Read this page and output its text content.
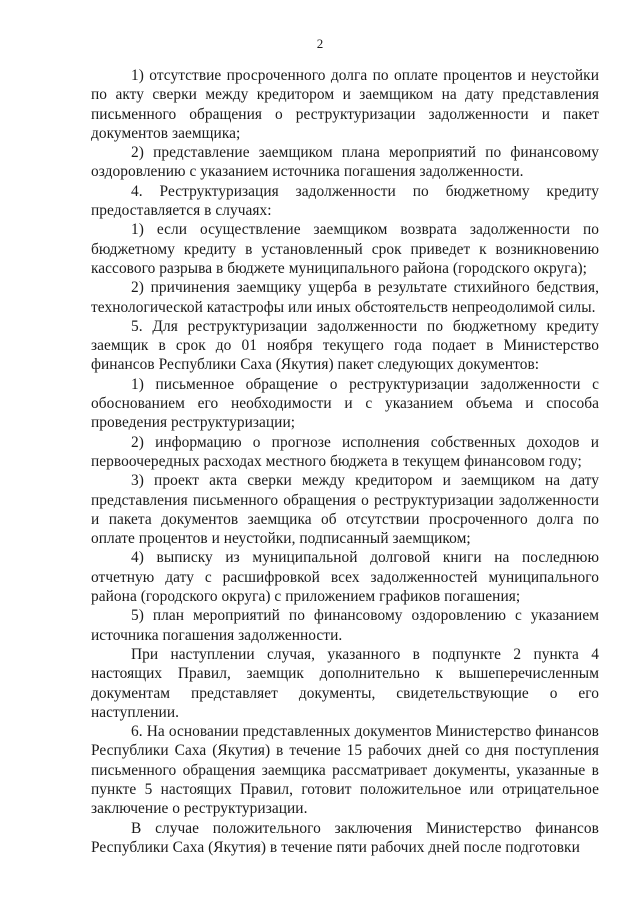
2

1) отсутствие просроченного долга по оплате процентов и неустойки по акту сверки между кредитором и заемщиком на дату представления письменного обращения о реструктуризации задолженности и пакет документов заемщика;

2) представление заемщиком плана мероприятий по финансовому оздоровлению с указанием источника погашения задолженности.

4. Реструктуризация задолженности по бюджетному кредиту предоставляется в случаях:

1) если осуществление заемщиком возврата задолженности по бюджетному кредиту в установленный срок приведет к возникновению кассового разрыва в бюджете муниципального района (городского округа);

2) причинения заемщику ущерба в результате стихийного бедствия, технологической катастрофы или иных обстоятельств непреодолимой силы.

5. Для реструктуризации задолженности по бюджетному кредиту заемщик в срок до 01 ноября текущего года подает в Министерство финансов Республики Саха (Якутия) пакет следующих документов:

1) письменное обращение о реструктуризации задолженности с обоснованием его необходимости и с указанием объема и способа проведения реструктуризации;

2) информацию о прогнозе исполнения собственных доходов и первоочередных расходах местного бюджета в текущем финансовом году;

3) проект акта сверки между кредитором и заемщиком на дату представления письменного обращения о реструктуризации задолженности и пакета документов заемщика об отсутствии просроченного долга по оплате процентов и неустойки, подписанный заемщиком;

4) выписку из муниципальной долговой книги на последнюю отчетную дату с расшифровкой всех задолженностей муниципального района (городского округа) с приложением графиков погашения;

5) план мероприятий по финансовому оздоровлению с указанием источника погашения задолженности.

При наступлении случая, указанного в подпункте 2 пункта 4 настоящих Правил, заемщик дополнительно к вышеперечисленным документам представляет документы, свидетельствующие о его наступлении.

6. На основании представленных документов Министерство финансов Республики Саха (Якутия) в течение 15 рабочих дней со дня поступления письменного обращения заемщика рассматривает документы, указанные в пункте 5 настоящих Правил, готовит положительное или отрицательное заключение о реструктуризации.

В случае положительного заключения Министерство финансов Республики Саха (Якутия) в течение пяти рабочих дней после подготовки
